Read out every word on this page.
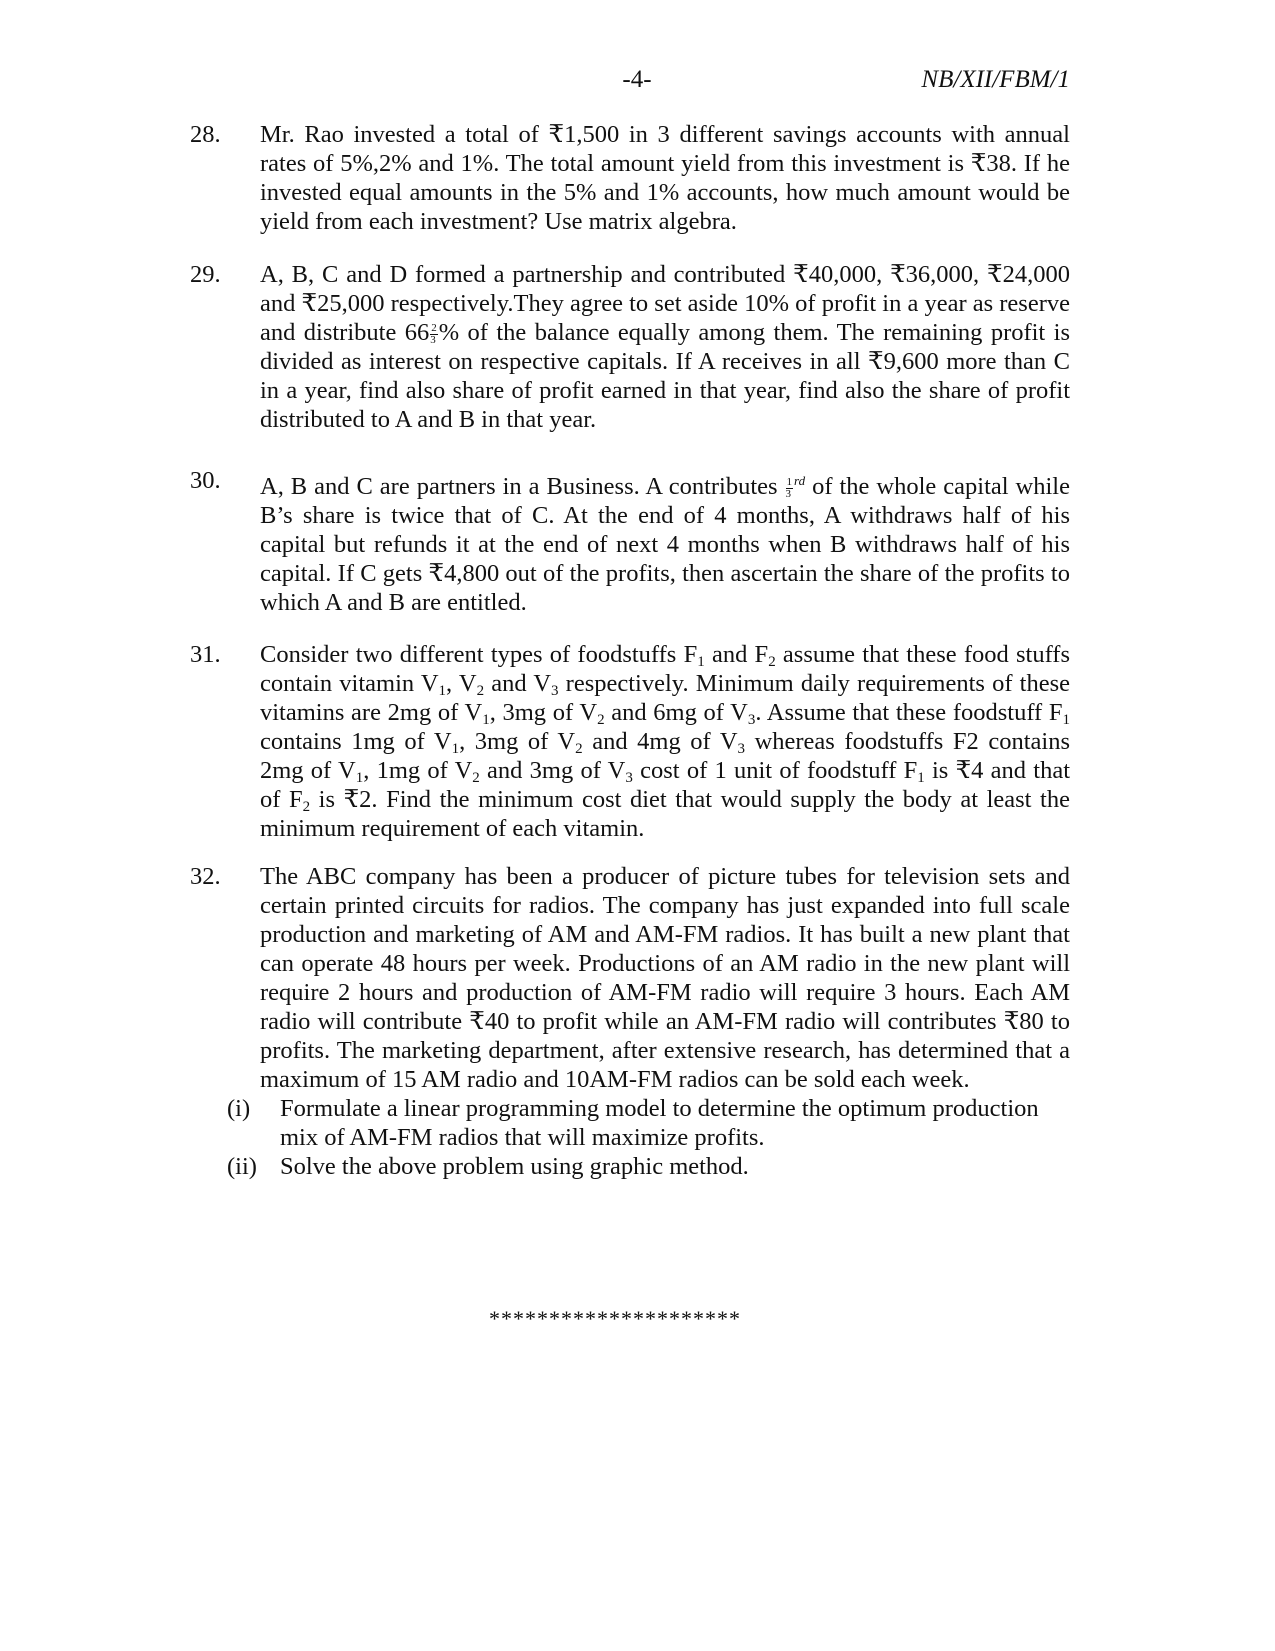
-4-	NB/XII/FBM/1
28. Mr. Rao invested a total of ₹1,500 in 3 different savings accounts with annual rates of 5%,2% and 1%. The total amount yield from this investment is ₹38. If he invested equal amounts in the 5% and 1% accounts, how much amount would be yield from each investment? Use matrix algebra.
29. A, B, C and D formed a partnership and contributed ₹40,000, ₹36,000, ₹24,000 and ₹25,000 respectively.They agree to set aside 10% of profit in a year as reserve and distribute $66 \frac{2}{3}$ % of the balance equally among them. The remaining profit is divided as interest on respective capitals. If A receives in all ₹9,600 more than C in a year, find also share of profit earned in that year, find also the share of profit distributed to A and B in that year.
30. A, B and C are partners in a Business. A contributes $\frac{1}{3} ^{rd}$ of the whole capital while B’s share is twice that of C. At the end of 4 months, A withdraws half of his capital but refunds it at the end of next 4 months when B withdraws half of his capital. If C gets ₹4,800 out of the profits, then ascertain the share of the profits to which A and B are entitled.
31. Consider two different types of foodstuffs $F_1$ and $F_2$ assume that these food stuffs contain vitamin $V_1$, $V_2$ and $V_3$ respectively. Minimum daily requirements of these vitamins are 2mg of $V_1$, 3mg of $V_2$ and 6mg of $V_3$. Assume that these foodstuff $F_1$ contains 1mg of $V_1$, 3mg of $V_2$ and 4mg of $V_3$ whereas foodstuffs F2 contains 2mg of $V_1$, 1mg of $V_2$ and 3mg of $V_3$ cost of 1 unit of foodstuff $F_1$ is ₹4 and that of $F_2$ is ₹2. Find the minimum cost diet that would supply the body at least the minimum requirement of each vitamin.
32. The ABC company has been a producer of picture tubes for television sets and certain printed circuits for radios. The company has just expanded into full scale production and marketing of AM and AM-FM radios. It has built a new plant that can operate 48 hours per week. Productions of an AM radio in the new plant will require 2 hours and production of AM-FM radio will require 3 hours. Each AM radio will contribute ₹40 to profit while an AM-FM radio will contributes ₹80 to profits. The marketing department, after extensive research, has determined that a maximum of 15 AM radio and 10AM-FM radios can be sold each week.
(i) Formulate a linear programming model to determine the optimum production mix of AM-FM radios that will maximize profits.
(ii) Solve the above problem using graphic method.
*********************
